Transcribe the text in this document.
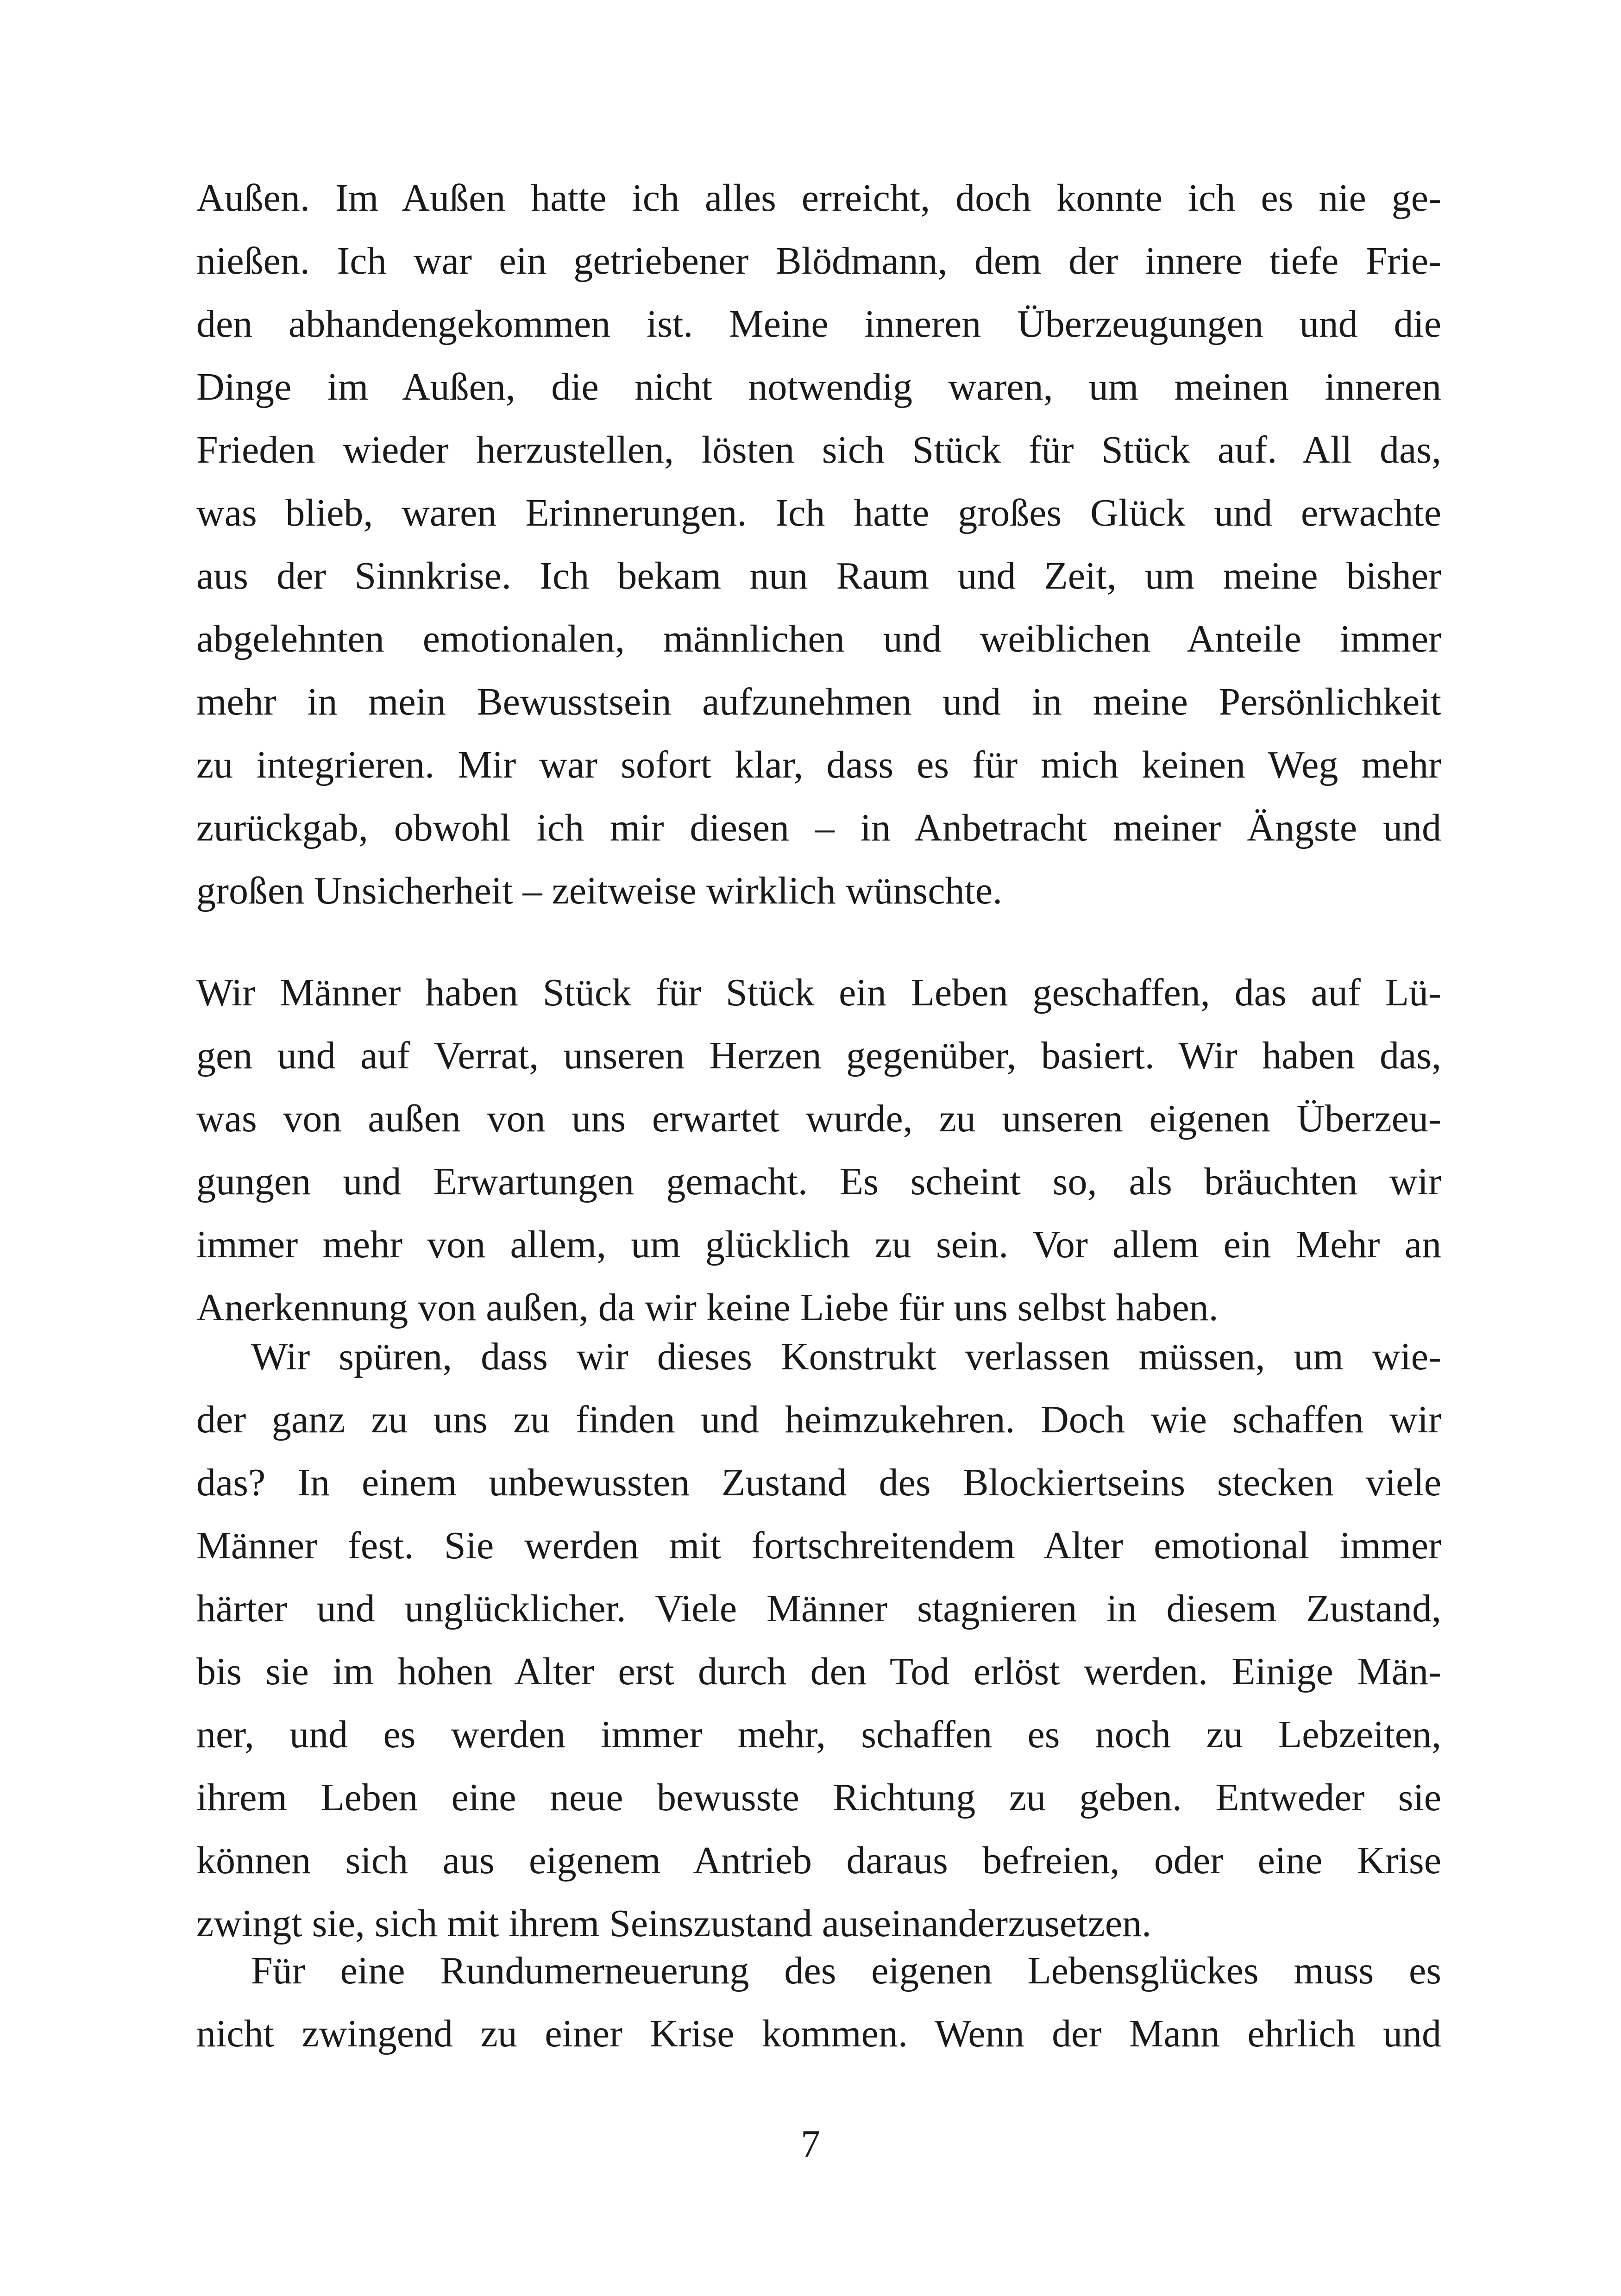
Außen. Im Außen hatte ich alles erreicht, doch konnte ich es nie ge-
nießen. Ich war ein getriebener Blödmann, dem der innere tiefe Frie-
den abhandengekommen ist. Meine inneren Überzeugungen und die
Dinge im Außen, die nicht notwendig waren, um meinen inneren
Frieden wieder herzustellen, lösten sich Stück für Stück auf. All das,
was blieb, waren Erinnerungen. Ich hatte großes Glück und erwachte
aus der Sinnkrise. Ich bekam nun Raum und Zeit, um meine bisher
abgelehnten emotionalen, männlichen und weiblichen Anteile immer
mehr in mein Bewusstsein aufzunehmen und in meine Persönlichkeit
zu integrieren. Mir war sofort klar, dass es für mich keinen Weg mehr
zurückgab, obwohl ich mir diesen – in Anbetracht meiner Ängste und
großen Unsicherheit – zeitweise wirklich wünschte.
Wir Männer haben Stück für Stück ein Leben geschaffen, das auf Lü-
gen und auf Verrat, unseren Herzen gegenüber, basiert. Wir haben das,
was von außen von uns erwartet wurde, zu unseren eigenen Überzeu-
gungen und Erwartungen gemacht. Es scheint so, als bräuchten wir
immer mehr von allem, um glücklich zu sein. Vor allem ein Mehr an
Anerkennung von außen, da wir keine Liebe für uns selbst haben.
Wir spüren, dass wir dieses Konstrukt verlassen müssen, um wie-
der ganz zu uns zu finden und heimzukehren. Doch wie schaffen wir
das? In einem unbewussten Zustand des Blockiertseins stecken viele
Männer fest. Sie werden mit fortschreitendem Alter emotional immer
härter und unglücklicher. Viele Männer stagnieren in diesem Zustand,
bis sie im hohen Alter erst durch den Tod erlöst werden. Einige Män-
ner, und es werden immer mehr, schaffen es noch zu Lebzeiten,
ihrem Leben eine neue bewusste Richtung zu geben. Entweder sie
können sich aus eigenem Antrieb daraus befreien, oder eine Krise
zwingt sie, sich mit ihrem Seinszustand auseinanderzusetzen.
Für eine Rundumerneuerung des eigenen Lebensglückes muss es
nicht zwingend zu einer Krise kommen. Wenn der Mann ehrlich und
7
